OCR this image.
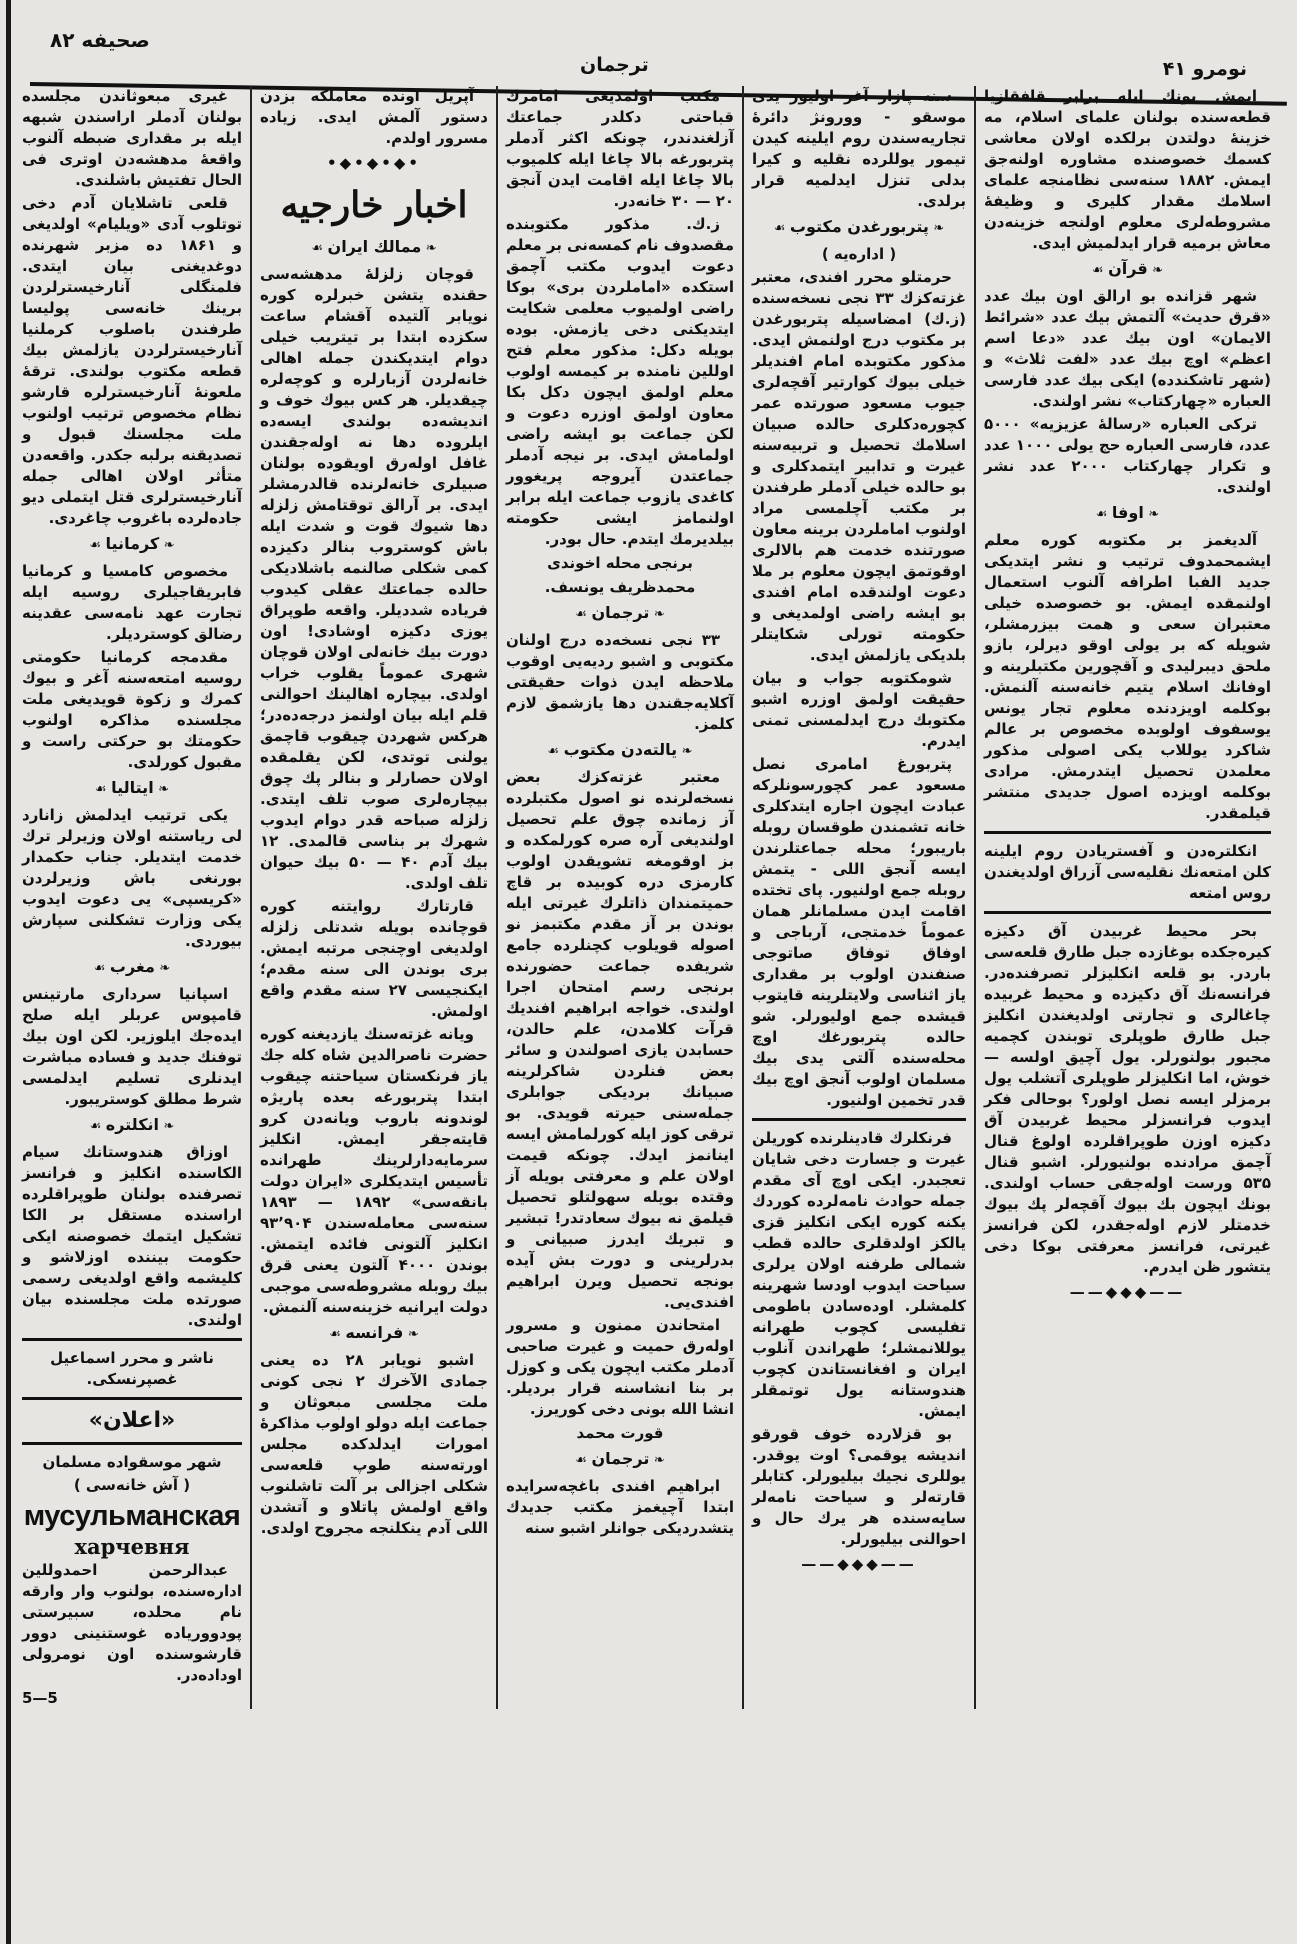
صحیفه ۸۲
ترجمان	نومرو ۴۱

غیری مبعوثاندن مجلسده بولنان آدملر اراسندن شبهه ایله بر مقداری ضبطه آلنوب واقعهٔ مدهشه‌دن اوتری فی الحال تفتیش باشلندی.

قلعی تاشلایان آدم دخی توتلوب آدی «ویلیام» اولدیغی و ۱۸۶۱ ده مزبر شهرنده دوغدیغنی بیان ایتدی. فلمنگلی آنارخیسترلردن برینك خانه‌سی پولیسا طرفندن باصلوب کرملنیا آنارخیسترلردن یازلمش بیك قطعه مکتوب بولندی. ترقهٔ ملعونهٔ آنارخیسترلره قارشو نظام مخصوص ترتیب اولنوب ملت مجلسنك قبول و تصدیقنه برلبه جکدر. واقعه‌دن متأثر اولان اهالی جمله آنارخیسترلری قتل ایتملی دیو جاده‌لرده باغروب چاغردی.

❧ کرمانیا ☙

مخصوص کامسیا و کرمانیا فابریقاجیلری روسیه ایله تجارت عهد نامه‌سی عقدینه رضالق کوستردیلر.

مقدمجه کرمانیا حکومتی روسیه امتعه‌سنه آغر و بیوك کمرك و زکوة قویدیغی ملت مجلسنده مذاکره اولنوب حکومتك بو حرکتی راست و مقبول کورلدی.

❧ ایتالیا ☙

یکی ترتیب ایدلمش زانارد لی ریاستنه اولان وزیرلر ترك خدمت ایتدیلر. جناب حکمدار بورنغی باش وزیرلردن «کریسپی» یی دعوت ایدوب یکی وزارت تشکلنی سپارش بیوردی.

❧ مغرب ☙

اسپانیا سرداری مارتینس قامپوس عربلر ایله صلح ایده‌جك ایلوزیر. لکن اون بیك توفنك جدید و فساده مباشرت ایدنلری تسلیم ایدلمسی شرط مطلق کوستریبور.

❧ انکلتره ☙

اوزاق هندوستانك سیام الکاسنده انکلیز و فرانسز تصرفنده بولنان طوپراقلرده اراسنده مستقل بر الکا تشکیل ایتمك خصوصنه ایکی حکومت بیننده اوزلاشو و کلیشمه واقع اولدیغی رسمی صورتده ملت مجلسنده بیان اولندی.

ناشر و محرر اسماعیل غصپرنسکی.
«اعلان»
شهر موسقواده مسلمان
( آش خانه‌سی )
мусульманская
харчевня

عبدالرحمن احمدوللین اداره‌سنده، بولنوب وار وارقه نام محلده، سبیرستی پودووریاده غوستنینی دوور قارشوسنده اون نومرولی اوداده‌در.

5—5

آپریل اونده معاملکه بزدن دستور آلمش ایدی. زیاده مسرور اولدم.

•◆•◆•◆•
اخبار خارجیه
❧ ممالك ایران ☙

قوچان زلزلهٔ مدهشه‌سی حقنده یتشن خبرلره کوره نویابر آلتیده آقشام ساعت سکزده ابتدا بر تیتریب خیلی دوام ایتدیکندن جمله اهالی خانه‌لردن آزبارلره و کوچه‌لره چیقدیلر. هر کس بیوك خوف و اندیشه‌ده بولندی ایسه‌ده ایلروده دها نه اوله‌جقندن غافل اوله‌رق اویقوده بولنان صبیلری خانه‌لرنده قالدرمشلر ایدی. بر آرالق توقتامش زلزله دها شیوك قوت و شدت ایله باش کوستروب بنالر دکیزده کمی شکلی صالنمه باشلادیکی حالده جماعتك عقلی کیدوب فریاده شددیلر. واقعه طوپراق یوزی دکیزه اوشادی! اون دورت بیك خانه‌لی اولان قوچان شهری عموماً یقلوب خراب اولدی. بیچاره اهالینك احوالنی قلم ایله بیان اولنمز درجه‌ده‌در؛ هرکس شهردن چیقوب قاچمق یولنی توتدی، لکن یقلمقده اولان حصارلر و بنالر پك چوق بیچاره‌لری صوب تلف ایتدی. زلزله صباحه قدر دوام ایدوب شهرك بر بناسی قالمدی. ۱۲ بیك آدم ۴۰ — ۵۰ بیك حیوان تلف اولدی.

قارتارك روایتنه کوره قوچانده بویله شدتلی زلزله اولدیغی اوچنجی مرتبه ایمش. بری بوندن الی سنه مقدم؛ ایکنجیسی ۲۷ سنه مقدم واقع اولمش.

ویانه غزته‌سنك یازدیغنه کوره حضرت ناصرالدین شاه کله جك یاز فرنکستان سیاحتنه چیقوب ابتدا پتربورغه بعده پاریژه لوندونه باروب ویانه‌دن کرو قایته‌جقر ایمش. انکلیز سرمایه‌دارلرینك طهرانده تأسیس ایتدیکلری «ایران دولت بانقه‌سی» ۱۸۹۲ — ۱۸۹۳ سنه‌سی معامله‌سندن ۹۳٬۹۰۴ انکلیز آلتونی فائده ایتمش. بوندن ۴۰۰۰ آلتون یعنی قرق بیك روبله مشروطه‌سی موجبی دولت ایرانیه خزینه‌سنه آلنمش.

❧ فرانسه ☙

اشبو نویابر ۲۸ ده یعنی جمادی الآخرك ۲ نجی کونی ملت مجلسی مبعوثان و جماعت ایله دولو اولوب مذاکرهٔ امورات ایدلدکده مجلس اورته‌سنه طوپ قلعه‌سی شکلی اجزالی بر آلت تاشلنوب واقع اولمش پاتلاو و آتشدن اللی آدم ینکلنجه مجروح اولدی.

مکتب اولمدیغی امامرك قباحتی دکلدر جماعتك آزلغندندر، چونکه اکثر آدملر پتربورغه بالا چاغا ایله کلمیوب بالا چاغا ایله اقامت ایدن آنجق ۲۰ — ۳۰ خانه‌در.

ز.ك. مذکور مکتوبنده مقصدوف نام کمسه‌نی بر معلم دعوت ایدوب مکتب آچمق استکده «اماملردن بری» بوکا راضی اولمیوب معلمی شکایت ایتدیکنی دخی یازمش. بوده بویله دکل: مذکور معلم فتح اوللین نامنده بر کیمسه اولوب معلم اولمق ایچون دکل بکا معاون اولمق اوزره دعوت و لکن جماعت بو ایشه راضی اولمامش ایدی. بر نیجه آدملر جماعتدن آیروجه پریغوور کاغدی یازوب جماعت ایله برابر اولنمامز ایشی حکومته بیلدیرمك ایتدم. حال بودر.

برنجی محله اخوندی
محمدظریف یونسف.
❧ ترجمان ☙

۳۳ نجی نسخه‌ده درج اولنان مکتوبی و اشبو ردیه‌یی اوقوب ملاحظه ایدن ذوات حقیقتی آکلایه‌جقندن دها یازشمق لازم کلمز.

❧ یالته‌دن مکتوب ☙

معتبر غزته‌کزك بعض نسخه‌لرنده نو اصول مکتبلرده آز زمانده چوق علم تحصیل اولندیغی آره صره کورلمکده و بز اوقومغه تشویقدن اولوب کارمزی دره کوبیده بر قاچ حمیتمندان ذاتلرك غیرتی ایله بوندن بر آز مقدم مکتبمز نو اصوله قویلوب کچنلرده جامع شریفده جماعت حضورنده برنجی رسم امتحان اجرا اولندی. خواجه ابراهیم افندیك قرآت کلامدن، علم حالدن، حسابدن یازی اصولندن و سائر بعض فنلردن شاکرلرینه صبیانك بردیکی جوابلری جمله‌سنی حیرته قویدی. بو ترقی کوز ایله کورلمامش ایسه اینانمز ایدك. چونکه قیمت اولان علم و معرفتی بویله آز وقتده بویله سهولتلو تحصیل قیلمق نه بیوك سعادتدر! تبشیر و تبریك ایدرز صبیانی و بدرلرینی و دورت بش آیده بونجه تحصیل ویرن ابراهیم افندی‌یی.

امتحاندن ممنون و مسرور اوله‌رق حمیت و غیرت صاحبی آدملر مکتب ایچون یکی و کوزل بر بنا انشاسنه قرار بردیلر. انشا الله بونی دخی کوریرز.

قورت محمد
❧ ترجمان ☙

ابراهیم افندی باغچه‌سرایده ابتدا آچیغمز مکتب جدیدك یتشدردیکی جوانلر اشبو سنه

سنه پازار آغر اولیور یدی موسقو - وورونژ دائرهٔ تجاریه‌سندن روم ایلینه کیدن تیمور یوللرده نقلیه و کیرا بدلی تنزل ایدلمیه قرار برلدی.

❧ پتربورغدن مکتوب ☙
( اداره‌یه )

حرمتلو محرر افندی، معتبر غزته‌کزك ۳۳ نجی نسخه‌سنده (ز.ك) امضاسیله پتربورغدن بر مکتوب درج اولنمش ایدی. مذکور مکتوبده امام افندیلر خیلی بیوك کوارتیر آقچه‌لری جیوب مسعود صورتده عمر کچوره‌دکلری حالده صبیان اسلامك تحصیل و تربیه‌سنه غیرت و تدابیر ایتمدکلری و بو حالده خیلی آدملر طرفندن بر مکتب آچلمسی مراد اولنوب اماملردن برینه معاون صورتنده خدمت هم بالالری اوقوتمق ایچون معلوم بر ملا دعوت اولندقده امام افندی بو ایشه راضی اولمدیغی و حکومته تورلی شکایتلر بلدیکی یازلمش ایدی.

شومکتوبه جواب و بیان حقیقت اولمق اوزره اشبو مکتوبك درج ایدلمسنی تمنی ایدرم.

پتربورغ امامری نصل مسعود عمر کچورسونلرکه عبادت ایچون اجاره ایتدکلری خانه تشمندن طوقسان روبله باریبور؛ محله جماعتلرندن ایسه آنجق اللی - یتمش روبله جمع اولنیور. پای تختده اقامت ایدن مسلمانلر همان عموماً خدمتجی، آرباجی و اوفاق توفاق صاتوجی صنفندن اولوب بر مقداری یاز اثناسی ولایتلرینه قایتوب قیشده جمع اولیورلر. شو حالده پتربورغك اوچ محله‌سنده آلتی یدی بیك مسلمان اولوب آنجق اوچ بیك قدر تخمین اولنیور.

فرنکلرك قادینلرنده کوریلن غیرت و جسارت دخی شایان تعجبدر. ایکی اوچ آی مقدم جمله حوادث نامه‌لرده کوردك یکنه کوره ایکی انکلیز قزی یالکز اولدقلری حالده قطب شمالی طرفنه اولان یرلری سیاحت ایدوب اودسا شهرینه کلمشلر. اوده‌سادن باطومی تفلیسی کچوب طهرانه یوللانمشلر؛ طهراندن آنلوب ایران و افغانستاندن کچوب هندوستانه یول توتمقلر ایمش.

بو قزلارده خوف قورقو اندیشه یوقمی؟ اوت یوقدر. یوللری نجیك بیلیورلر. کتابلر قارته‌لر و سیاحت نامه‌لر سایه‌سنده هر یرك حال و احوالنی بیلیورلر.

——◆◆◆——

ایمش بونك ایله برابر قافقازیا قطعه‌سنده بولنان علمای اسلام، مه خزینهٔ دولتدن برلکده اولان معاشی کسمك خصوصنده مشاوره اولنه‌جق ایمش. ۱۸۸۲ سنه‌سی نظامنجه علمای اسلامك مقدار کلیری و وظیفهٔ مشروطه‌لری معلوم اولنجه خزینه‌دن معاش برمیه قرار ایدلمیش ایدی.

❧ قرآن ☙

شهر قزانده بو ارالق اون بیك عدد «قرق حدیث» آلتمش بیك عدد «شرائط الایمان» اون بیك عدد «دعا اسم اعظم» اوچ بیك عدد «لفت ثلاث» و (شهر تاشکندده) ایکی بیك عدد فارسی العباره «چهارکتاب» نشر اولندی.

ترکی العباره «رسالهٔ عزیزیه» ۵۰۰۰ عدد، فارسی العباره حج یولی ۱۰۰۰ عدد و تکرار چهارکتاب ۲۰۰۰ عدد نشر اولندی.

❧ اوفا ☙

آلدیغمز بر مکتوبه کوره معلم ایشمحمدوف ترتیب و نشر ایتدیکی جدید الفبا اطرافه آلنوب استعمال اولنمقده ایمش. بو خصوصده خیلی معتبران سعی و همت بیزرمشلر، شویله که بر یولی اوقو دیرلر، بازو ملحق دیبرلیدی و آقچورین مکتبلرینه و اوفانك اسلام یتیم خانه‌سنه آلنمش. بوکلمه اویزدنده معلوم تجار یونس یوسفوف اولوبده مخصوص بر عالم شاکرد یوللاب یکی اصولی مذکور معلمدن تحصیل ایتدرمش. مرادی بوکلمه اویزده اصول جدیدی منتشر قیلمقدر.

انکلتره‌دن و آفستریادن روم ایلینه کلن امتعه‌نك نقلیه‌سی آزراق اولدیغندن روس امتعه

بحر محیط غربیدن آق دکیزه کیره‌جکده بوغازده جبل طارق قلعه‌سی باردر. بو قلعه انکلیزلر تصرفنده‌در. فرانسه‌نك آق دکیزده و محیط غربیده چاغالری و تجارتی اولدیغندن انکلیز جبل طارق طوپلری توبندن کچمیه مجبور بولنورلر. یول آچیق اولسه — خوش، اما انکلیزلر طوپلری آتشلب یول برمزلر ایسه نصل اولور؟ بوحالی فکر ایدوب فرانسزلر محیط غربیدن آق دکیزه اوزن طوپراقلرده اولوغ قنال آچمق مرادنده بولنیورلر. اشبو قنال ۵۳۵ ورست اوله‌جقی حساب اولندی. بونك ایچون بك بیوك آقچه‌لر پك بیوك خدمتلر لازم اوله‌جقدر، لکن فرانسز غیرتی، فرانسز معرفتی بوکا دخی یتشور ظن ایدرم.

——◆◆◆——
